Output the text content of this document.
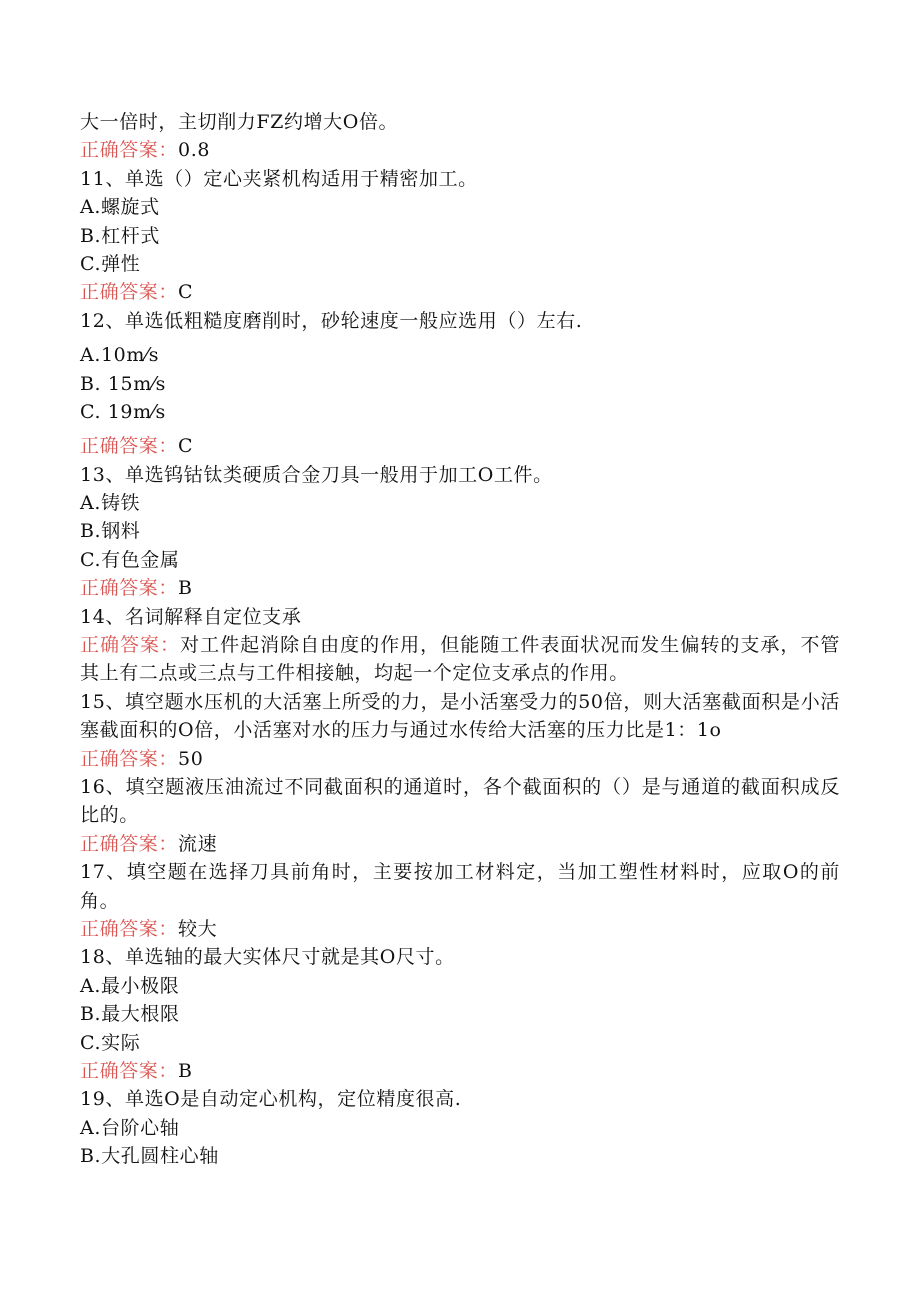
大一倍时，主切削力FZ约增大O倍。
正确答案：0.8
11、单选（）定心夹紧机构适用于精密加工。
A.螺旋式
B.杠杆式
C.弹性
正确答案：C
12、单选低粗糙度磨削时，砂轮速度一般应选用（）左右.
A.10m⁄s
B. 15m⁄s
C. 19m⁄s
正确答案：C
13、单选钨钴钛类硬质合金刀具一般用于加工O工件。
A.铸铁
B.钢料
C.有色金属
正确答案：B
14、名词解释自定位支承
正确答案：对工件起消除自由度的作用，但能随工件表面状况而发生偏转的支承，不管其上有二点或三点与工件相接触，均起一个定位支承点的作用。
15、填空题水压机的大活塞上所受的力，是小活塞受力的50倍，则大活塞截面积是小活塞截面积的O倍，小活塞对水的压力与通过水传给大活塞的压力比是1：1o
正确答案：50
16、填空题液压油流过不同截面积的通道时，各个截面积的（）是与通道的截面积成反比的。
正确答案：流速
17、填空题在选择刀具前角时，主要按加工材料定，当加工塑性材料时，应取O的前角。
正确答案：较大
18、单选轴的最大实体尺寸就是其O尺寸。
A.最小极限
B.最大根限
C.实际
正确答案：B
19、单选O是自动定心机构，定位精度很高.
A.台阶心轴
B.大孔圆柱心轴
